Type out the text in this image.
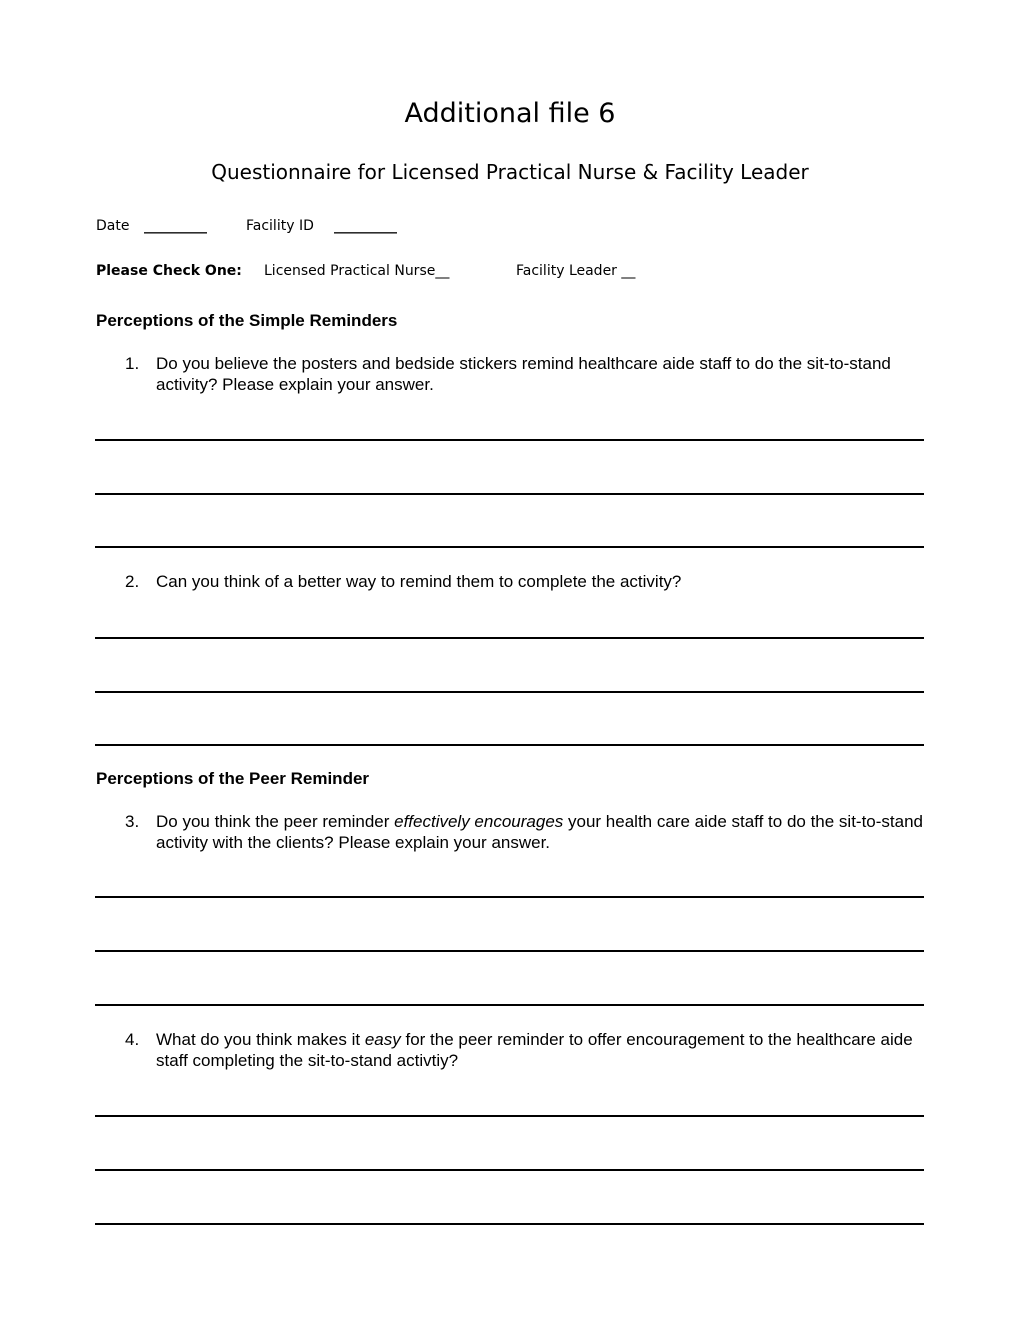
Additional file 6
Questionnaire for Licensed Practical Nurse & Facility Leader
Date _________	Facility ID _________
Please Check One: Licensed Practical Nurse__	Facility Leader __
Perceptions of the Simple Reminders
1. Do you believe the posters and bedside stickers remind healthcare aide staff to do the sit-to-stand activity? Please explain your answer.
2. Can you think of a better way to remind them to complete the activity?
Perceptions of the Peer Reminder
3. Do you think the peer reminder effectively encourages your health care aide staff to do the sit-to-stand activity with the clients? Please explain your answer.
4. What do you think makes it easy for the peer reminder to offer encouragement to the healthcare aide staff completing the sit-to-stand activtiy?
